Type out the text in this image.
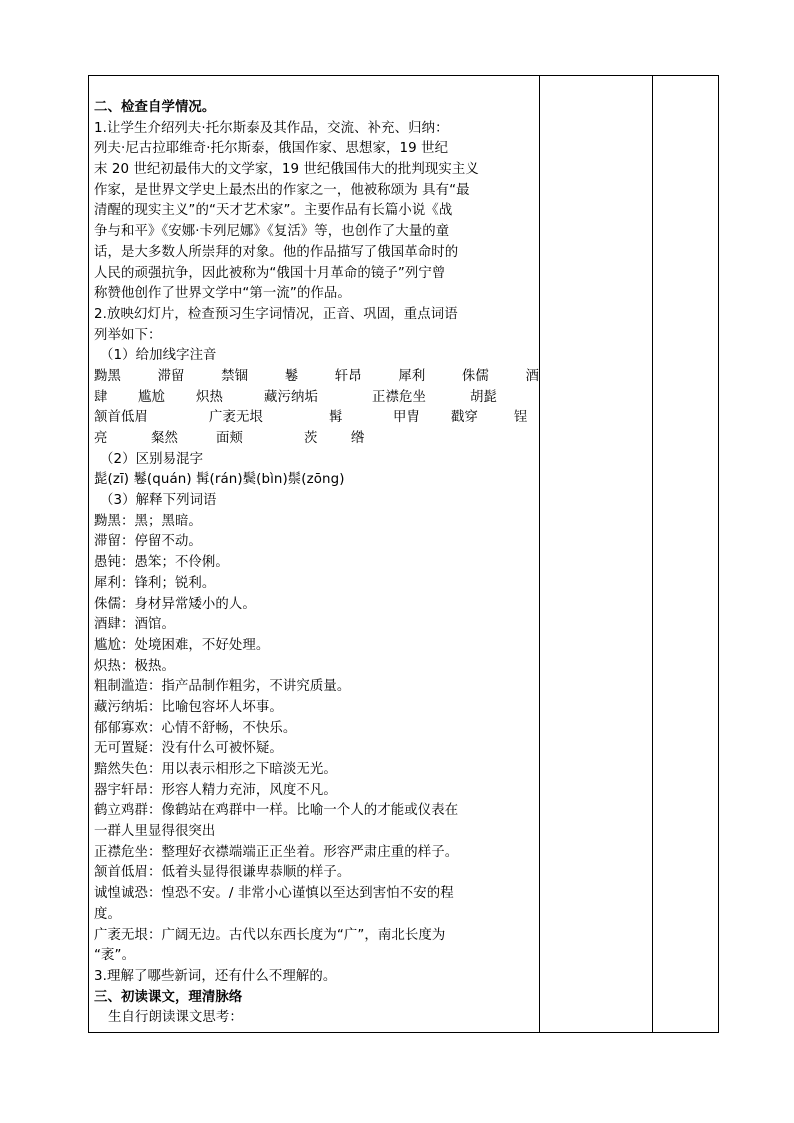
二、检查自学情况。
1.让学生介绍列夫·托尔斯泰及其作品，交流、补充、归纳：
列夫·尼古拉耶维奇·托尔斯泰，俄国作家、思想家，19 世纪
末 20 世纪初最伟大的文学家，19 世纪俄国伟大的批判现实主义
作家，是世界文学史上最杰出的作家之一，他被称颂为 具有“最
清醒的现实主义”的“天才艺术家”。主要作品有长篇小说《战
争与和平》《安娜·卡列尼娜》《复活》等，也创作了大量的童
话，是大多数人所崇拜的对象。他的作品描写了俄国革命时的
人民的顽强抗争，因此被称为“俄国十月革命的镜子”列宁曾
称赞他创作了世界文学中“第一流”的作品。
2.放映幻灯片，检查预习生字词情况，正音、巩固，重点词语
列举如下：
（1）给加线字注音
黝黑	滞留	禁锢	鬈	轩昂	犀利	侏儒	酒
肆	尴尬	炽热	藏污纳垢	正襟危坐	胡髭
颔首低眉	广袤无垠	髯	甲胄	戳穿	锃
亮	粲然	面颊	茨	绺
（2）区别易混字
髭(zī) 鬈(quán) 髯(rán)鬓(bìn)鬃(zōng)
（3）解释下列词语
黝黑：黑；黑暗。
滞留：停留不动。
愚钝：愚笨；不伶俐。
犀利：锋利；锐利。
侏儒：身材异常矮小的人。
酒肆：酒馆。
尴尬：处境困难，不好处理。
炽热：极热。
粗制滥造：指产品制作粗劣，不讲究质量。
藏污纳垢：比喻包容坏人坏事。
郁郁寡欢：心情不舒畅，不快乐。
无可置疑：没有什么可被怀疑。
黯然失色：用以表示相形之下暗淡无光。
器宇轩昂：形容人精力充沛，风度不凡。
鹤立鸡群：像鹤站在鸡群中一样。比喻一个人的才能或仪表在
一群人里显得很突出
正襟危坐：整理好衣襟端端正正坐着。形容严肃庄重的样子。
颔首低眉：低着头显得很谦卑恭顺的样子。
诚惶诚恐：惶恐不安。/ 非常小心谨慎以至达到害怕不安的程
度。
广袤无垠：广阔无边。古代以东西长度为“广”，南北长度为
“袤”。
3.理解了哪些新词，还有什么不理解的。
三、初读课文，理清脉络
生自行朗读课文思考：
